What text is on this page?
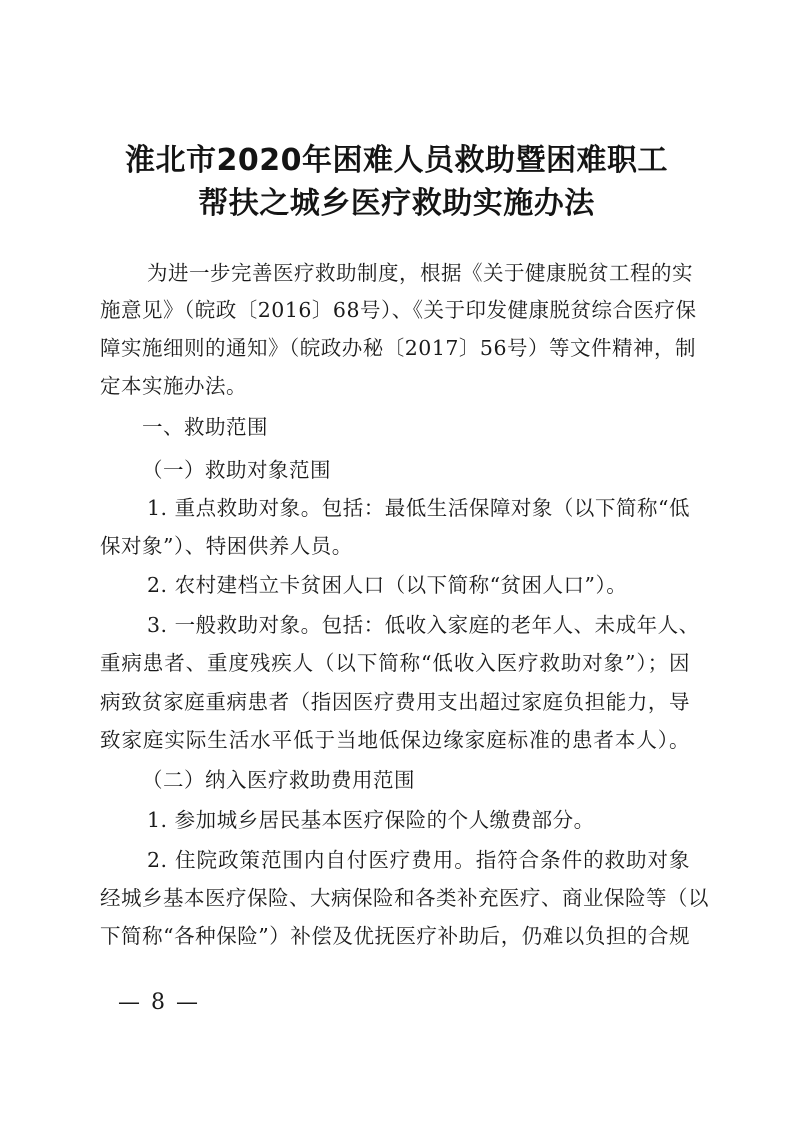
淮北市2020年困难人员救助暨困难职工
帮扶之城乡医疗救助实施办法
为进一步完善医疗救助制度，根据《关于健康脱贫工程的实
施意见》（皖政〔2016〕68号）、《关于印发健康脱贫综合医疗保
障实施细则的通知》（皖政办秘〔2017〕56号）等文件精神，制
定本实施办法。
一、救助范围
（一）救助对象范围
1. 重点救助对象。包括：最低生活保障对象（以下简称“低
保对象”）、特困供养人员。
2. 农村建档立卡贫困人口（以下简称“贫困人口”）。
3. 一般救助对象。包括：低收入家庭的老年人、未成年人、
重病患者、重度残疾人（以下简称“低收入医疗救助对象”）；因
病致贫家庭重病患者（指因医疗费用支出超过家庭负担能力，导
致家庭实际生活水平低于当地低保边缘家庭标准的患者本人）。
（二）纳入医疗救助费用范围
1. 参加城乡居民基本医疗保险的个人缴费部分。
2. 住院政策范围内自付医疗费用。指符合条件的救助对象
经城乡基本医疗保险、大病保险和各类补充医疗、商业保险等（以
下简称“各种保险”）补偿及优抚医疗补助后，仍难以负担的合规
— 8 —
